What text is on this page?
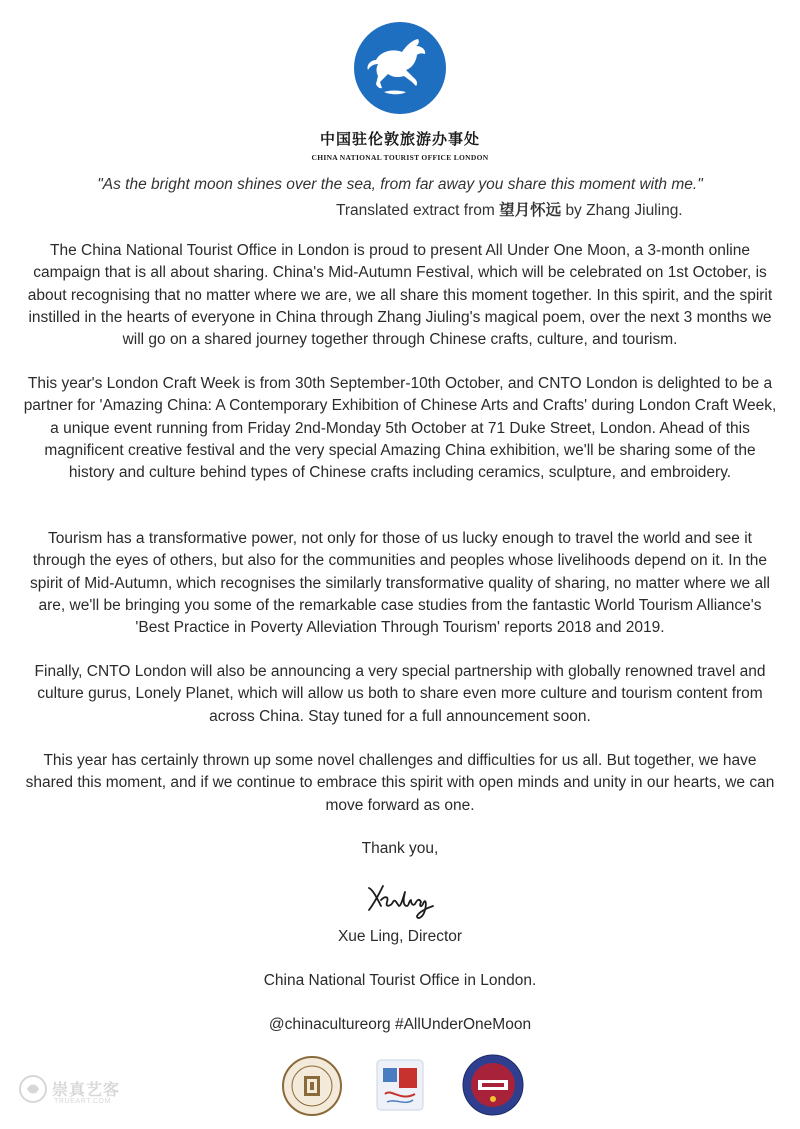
中国驻伦敦旅游办事处
CHINA NATIONAL TOURIST OFFICE LONDON
"As the bright moon shines over the sea, from far away you share this moment with me."
Translated extract from 望月怀远 by Zhang Jiuling.

The China National Tourist Office in London is proud to present All Under One Moon, a 3-month online campaign that is all about sharing. China's Mid-Autumn Festival, which will be celebrated on 1st October, is about recognising that no matter where we are, we all share this moment together. In this spirit, and the spirit instilled in the hearts of everyone in China through Zhang Jiuling's magical poem, over the next 3 months we will go on a shared journey together through Chinese crafts, culture, and tourism.

This year's London Craft Week is from 30th September-10th October, and CNTO London is delighted to be a partner for 'Amazing China: A Contemporary Exhibition of Chinese Arts and Crafts' during London Craft Week, a unique event running from Friday 2nd-Monday 5th October at 71 Duke Street, London. Ahead of this magnificent creative festival and the very special Amazing China exhibition, we'll be sharing some of the history and culture behind types of Chinese crafts including ceramics, sculpture, and embroidery.

Tourism has a transformative power, not only for those of us lucky enough to travel the world and see it through the eyes of others, but also for the communities and peoples whose livelihoods depend on it. In the spirit of Mid-Autumn, which recognises the similarly transformative quality of sharing, no matter where we all are, we'll be bringing you some of the remarkable case studies from the fantastic World Tourism Alliance's 'Best Practice in Poverty Alleviation Through Tourism' reports 2018 and 2019.

Finally, CNTO London will also be announcing a very special partnership with globally renowned travel and culture gurus, Lonely Planet, which will allow us both to share even more culture and tourism content from across China. Stay tuned for a full announcement soon.

This year has certainly thrown up some novel challenges and difficulties for us all. But together, we have shared this moment, and if we continue to embrace this spirit with open minds and unity in our hearts, we can move forward as one.

Thank you,
Xue Ling, Director
China National Tourist Office in London.
@chinacultureorg #AllUnderOneMoon
崇真艺客
TRUEART.COM
